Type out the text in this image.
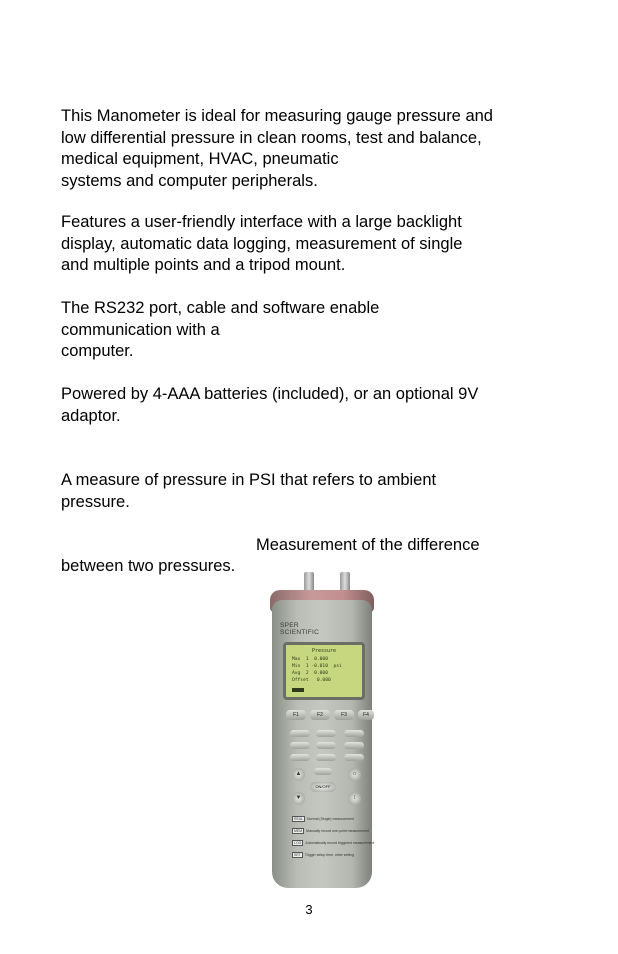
This Manometer is ideal for measuring gauge pressure and
low differential pressure in clean rooms, test and balance,
medical equipment, HVAC, pneumatic
systems and computer peripherals.

Features a user-friendly interface with a large backlight
display, automatic data logging, measurement of single
and multiple points and a tripod mount.

The RS232 port, cable and software enable
communication with a
computer.

Powered by 4-AAA batteries (included), or an optional 9V
adaptor.

A measure of pressure in PSI that refers to ambient
pressure.

Measurement of the difference

between two pressures.

SPER
SCIENTIFIC
Pressure
Max  1  0.000
Min  1 -0.010  psi
Avg  2  0.000
Offset   0.000
F1	F2	F3	F4
▲	☼
ON/OFF
▼	↕
REAL Normal (Single) measurement
MEM Manually record one-point measurement
LOG Automatically record triggered measurement
SET Trigger setup time, other setting
3
